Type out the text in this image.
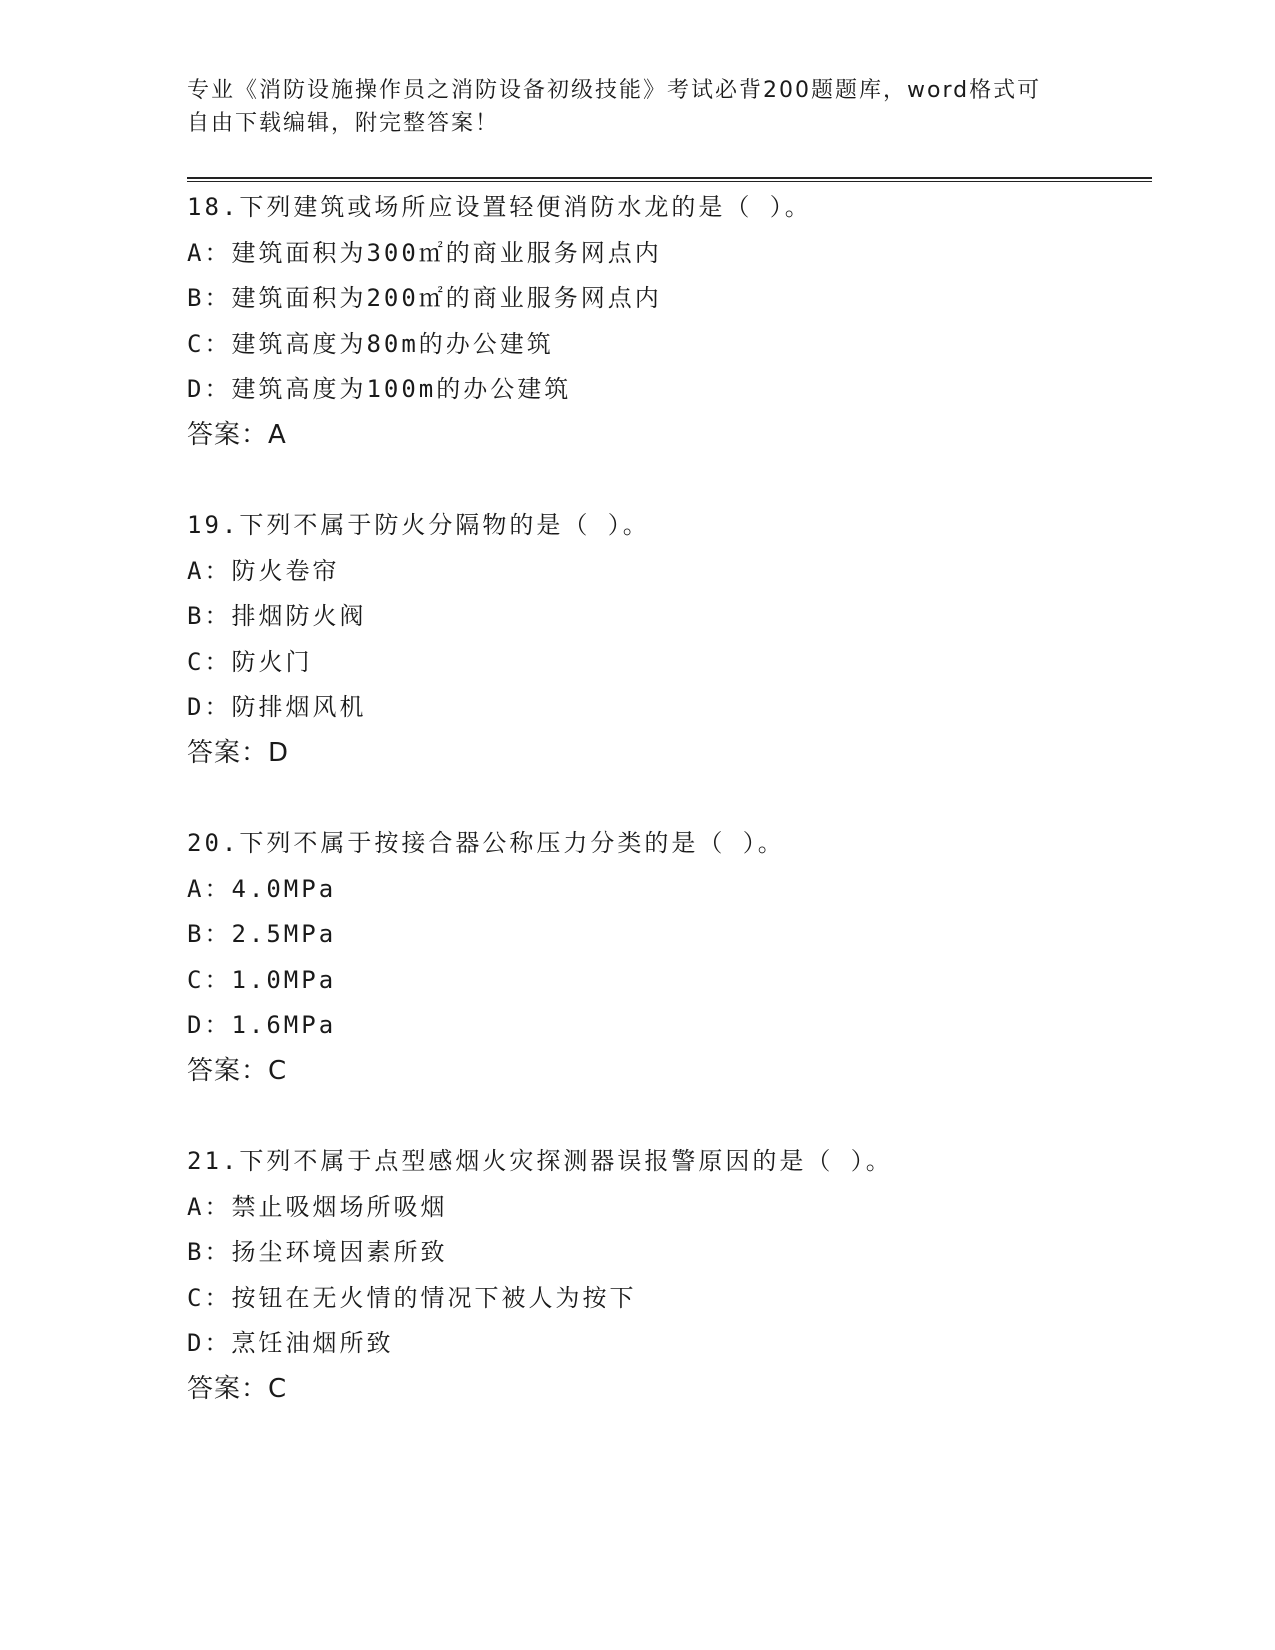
专业《消防设施操作员之消防设备初级技能》考试必背200题题库，word格式可
自由下载编辑，附完整答案！
18.下列建筑或场所应设置轻便消防水龙的是（ ）。
A：建筑面积为300㎡的商业服务网点内
B：建筑面积为200㎡的商业服务网点内
C：建筑高度为80m的办公建筑
D：建筑高度为100m的办公建筑
答案：A
19.下列不属于防火分隔物的是（ ）。
A：防火卷帘
B：排烟防火阀
C：防火门
D：防排烟风机
答案：D
20.下列不属于按接合器公称压力分类的是（ ）。
A：4.0MPa
B：2.5MPa
C：1.0MPa
D：1.6MPa
答案：C
21.下列不属于点型感烟火灾探测器误报警原因的是（ ）。
A：禁止吸烟场所吸烟
B：扬尘环境因素所致
C：按钮在无火情的情况下被人为按下
D：烹饪油烟所致
答案：C
